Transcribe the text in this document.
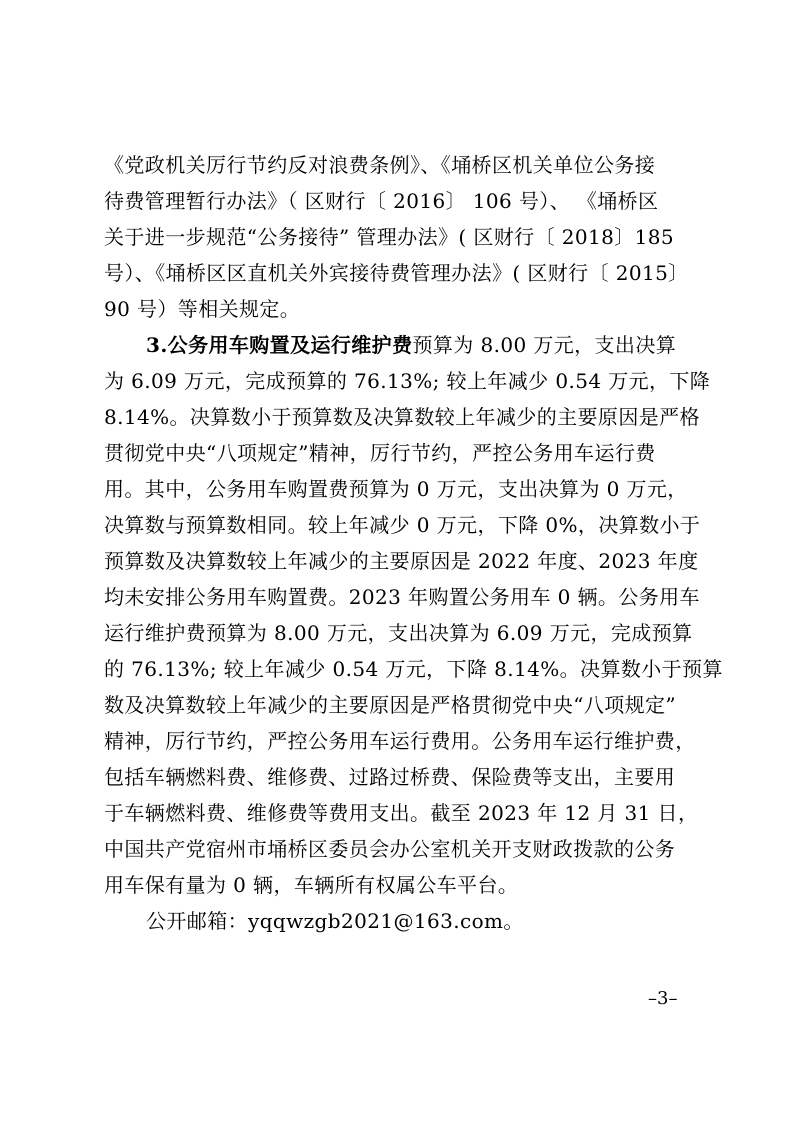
《党政机关厉行节约反对浪费条例》、《埇桥区机关单位公务接
待费管理暂行办法》（ 区财行〔 2016〕 106 号）、 《埇桥区
关于进一步规范“公务接待” 管理办法》( 区财行〔 2018〕185
号）、《埇桥区区直机关外宾接待费管理办法》( 区财行〔 2015〕
90 号）等相关规定。
3.公务用车购置及运行维护费预算为 8.00 万元，支出决算
为 6.09 万元，完成预算的 76.13%; 较上年减少 0.54 万元，下降
8.14%。决算数小于预算数及决算数较上年减少的主要原因是严格
贯彻党中央“八项规定”精神，厉行节约，严控公务用车运行费
用。其中，公务用车购置费预算为 0 万元，支出决算为 0 万元，
决算数与预算数相同。较上年减少 0 万元，下降 0%，决算数小于
预算数及决算数较上年减少的主要原因是 2022 年度、2023 年度
均未安排公务用车购置费。2023 年购置公务用车 0 辆。公务用车
运行维护费预算为 8.00 万元，支出决算为 6.09 万元，完成预算
的 76.13%; 较上年减少 0.54 万元，下降 8.14%。决算数小于预算
数及决算数较上年减少的主要原因是严格贯彻党中央“八项规定”
精神，厉行节约，严控公务用车运行费用。公务用车运行维护费，
包括车辆燃料费、维修费、过路过桥费、保险费等支出，主要用
于车辆燃料费、维修费等费用支出。截至 2023 年 12 月 31 日，
中国共产党宿州市埇桥区委员会办公室机关开支财政拨款的公务
用车保有量为 0 辆，车辆所有权属公车平台。
公开邮箱：yqqwzgb2021@163.com。
–3–
